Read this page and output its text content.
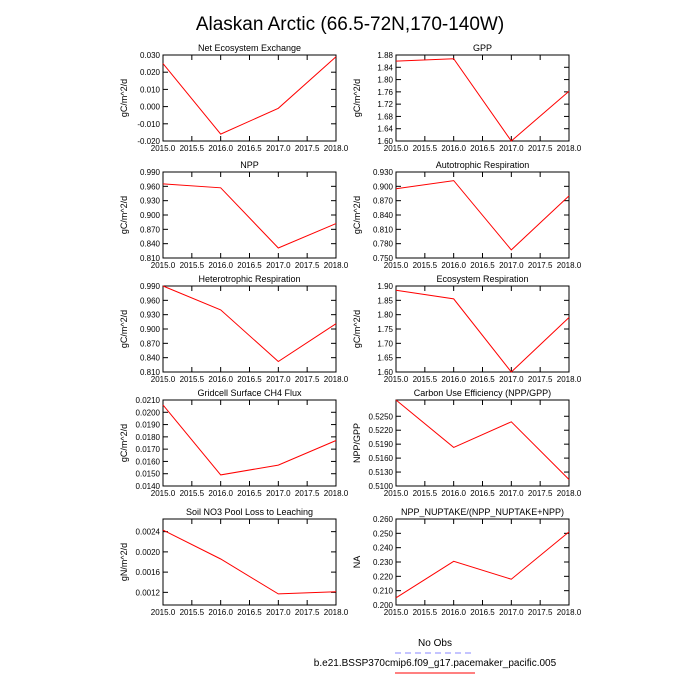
Alaskan Arctic (66.5-72N,170-140W)
Net Ecosystem Exchange
gC/m^2/d
2015.0 2015.5 2016.0 2016.5 2017.0 2017.5 2018.0
-0.020
-0.010
0.000
0.010
0.020
0.030
GPP
gC/m^2/d
2015.0 2015.5 2016.0 2016.5 2017.0 2017.5 2018.0
1.60
1.64
1.68
1.72
1.76
1.80
1.84
1.88
NPP
gC/m^2/d
2015.0 2015.5 2016.0 2016.5 2017.0 2017.5 2018.0
0.810
0.840
0.870
0.900
0.930
0.960
0.990
Autotrophic Respiration
gC/m^2/d
2015.0 2015.5 2016.0 2016.5 2017.0 2017.5 2018.0
0.750
0.780
0.810
0.840
0.870
0.900
0.930
Heterotrophic Respiration
gC/m^2/d
2015.0 2015.5 2016.0 2016.5 2017.0 2017.5 2018.0
0.810
0.840
0.870
0.900
0.930
0.960
0.990
Ecosystem Respiration
gC/m^2/d
2015.0 2015.5 2016.0 2016.5 2017.0 2017.5 2018.0
1.60
1.65
1.70
1.75
1.80
1.85
1.90
Gridcell Surface CH4 Flux
gC/m^2/d
2015.0 2015.5 2016.0 2016.5 2017.0 2017.5 2018.0
0.0140
0.0150
0.0160
0.0170
0.0180
0.0190
0.0200
0.0210
Carbon Use Efficiency (NPP/GPP)
NPP/GPP
2015.0 2015.5 2016.0 2016.5 2017.0 2017.5 2018.0
0.5100
0.5130
0.5160
0.5190
0.5220
0.5250
Soil NO3 Pool Loss to Leaching
gN/m^2/d
2015.0 2015.5 2016.0 2016.5 2017.0 2017.5 2018.0
0.0012
0.0016
0.0020
0.0024
NPP_NUPTAKE/(NPP_NUPTAKE+NPP)
NA
2015.0 2015.5 2016.0 2016.5 2017.0 2017.5 2018.0
0.200
0.210
0.220
0.230
0.240
0.250
0.260
No Obs
b.e21.BSSP370cmip6.f09_g17.pacemaker_pacific.005
